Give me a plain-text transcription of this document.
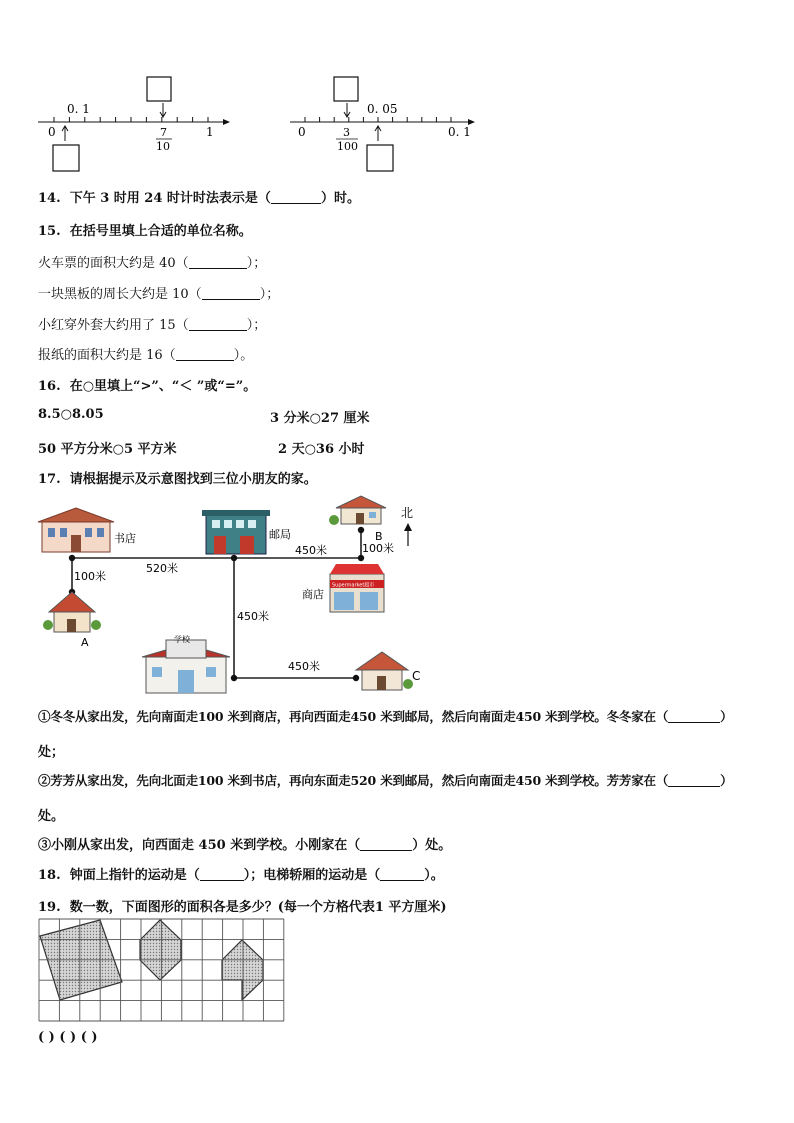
0. 1
0	1
7
10
0. 05
0	0. 1
3
100
14. 下午 3 时用 24 时计时法表示是（	）时。
15. 在括号里填上合适的单位名称。
火车票的面积大约是 40（	）；
一块黑板的周长大约是 10（	）；
小红穿外套大约用了 15（	）；
报纸的面积大约是 16（	）。
16. 在○里填上“>”、“＜ ”或“=”。
8.5○8.05	3 分米○27 厘米
50 平方分米○5 平方米	2 天○36 小时
17. 请根据提示及示意图找到三位小朋友的家。
书店	邮局	B
北
450米	100米
520米
100米
450米
450米
商店
Supermarket超市
A	学校
C
①冬冬从家出发，先向南面走100 米到商店，再向西面走450 米到邮局，然后向南面走450 米到学校。冬冬家在（	）
处；
②芳芳从家出发，先向北面走100 米到书店，再向东面走520 米到邮局，然后向南面走450 米到学校。芳芳家在（	）
处。
③小刚从家出发，向西面走 450 米到学校。小刚家在（	）处。
18. 钟面上指针的运动是（	）；电梯轿厢的运动是（	）。
19. 数一数，下面图形的面积各是多少？(每一个方格代表1 平方厘米)
( ) ( ) ( )
